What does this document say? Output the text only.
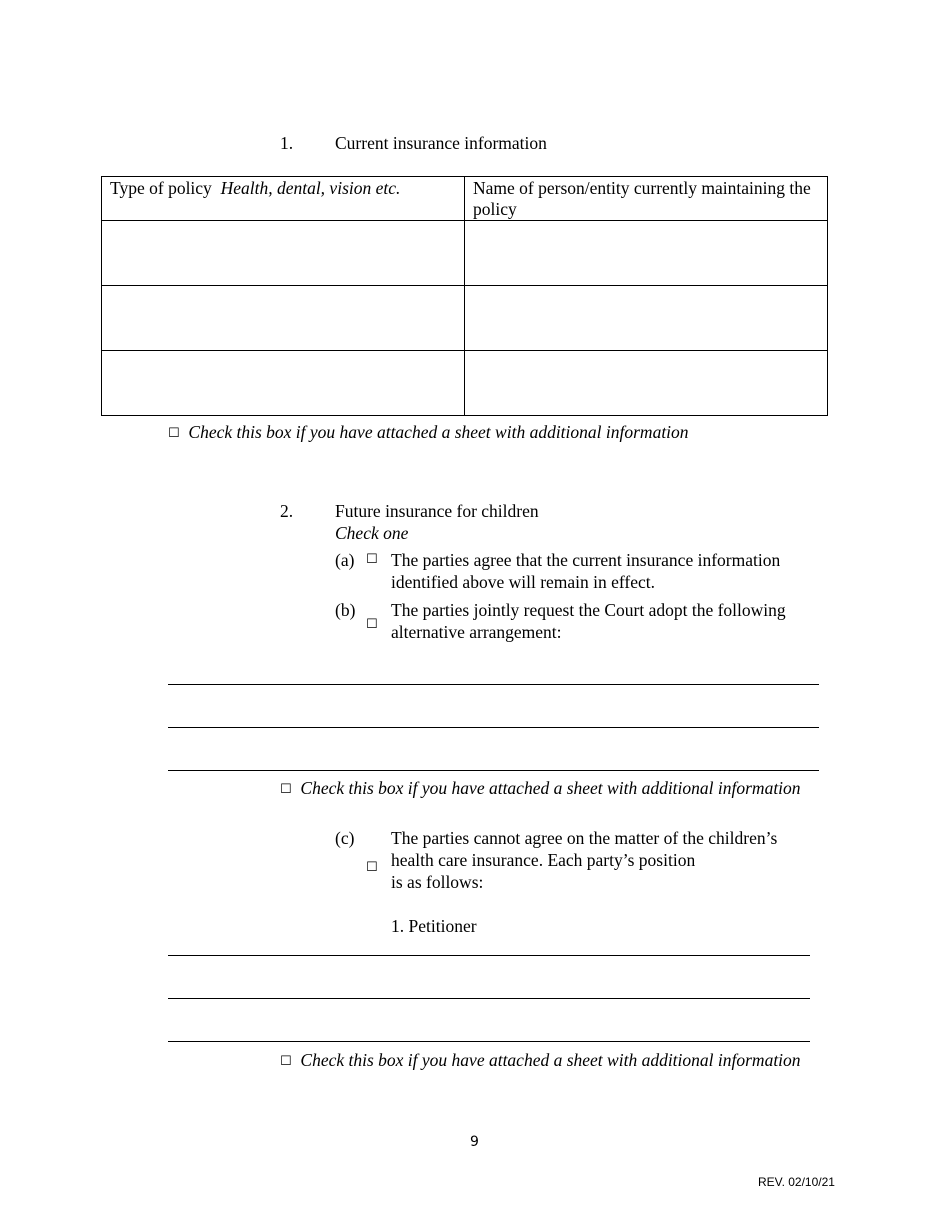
1. Current insurance information
Type of policy Health, dental, vision etc.	Name of person/entity currently maintaining the policy

☐ Check this box if you have attached a sheet with additional information
2. Future insurance for children
Check one
(a) ☐ The parties agree that the current insurance information
identified above will remain in effect.
(b)
☐
The parties jointly request the Court adopt the following
alternative arrangement:
☐ Check this box if you have attached a sheet with additional information
(c)
☐
The parties cannot agree on the matter of the children’s
health care insurance. Each party’s position
is as follows:
1. Petitioner
☐ Check this box if you have attached a sheet with additional information
9
REV. 02/10/21
